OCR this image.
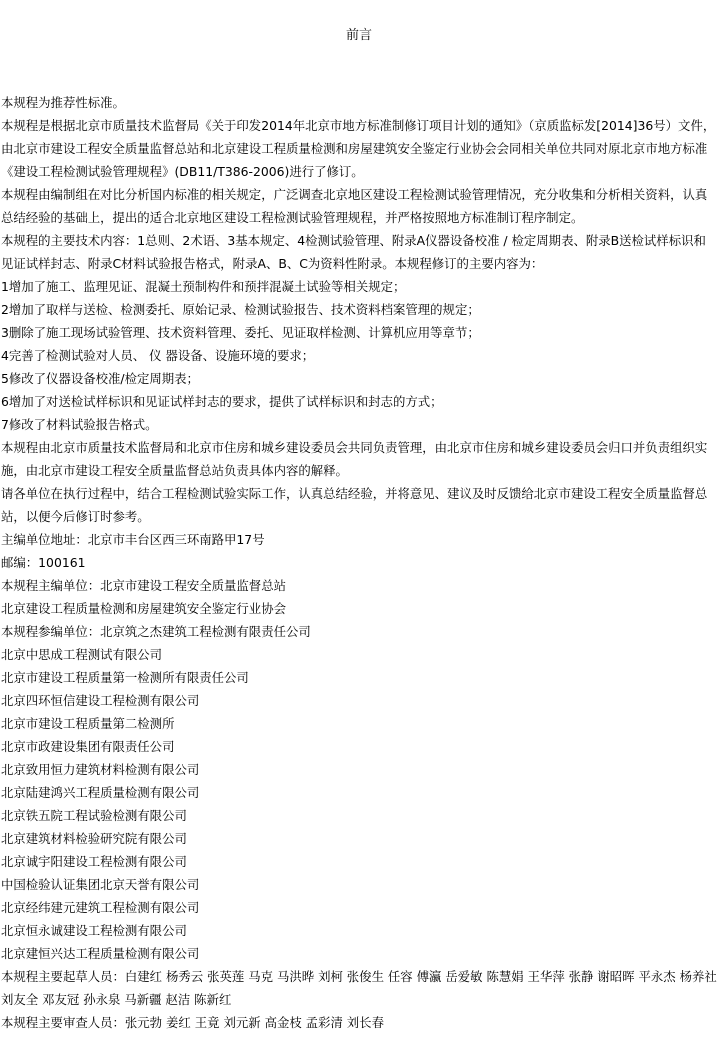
前言

本规程为推荐性标准。

本规程是根据北京市质量技术监督局《关于印发2014年北京市地方标准制修订项目计划的通知》（京质监标发[2014]36号）文件，由北京市建设工程安全质量监督总站和北京建设工程质量检测和房屋建筑安全鉴定行业协会会同相关单位共同对原北京市地方标准《建设工程检测试验管理规程》(DB11/T386-2006)进行了修订。

本规程由编制组在对比分析国内标准的相关规定，广泛调查北京地区建设工程检测试验管理情况，充分收集和分析相关资料，认真总结经验的基础上，提出的适合北京地区建设工程检测试验管理规程，并严格按照地方标准制订程序制定。

本规程的主要技术内容：1总则、2术语、3基本规定、4检测试验管理、附录A仪器设备校准 / 检定周期表、附录B送检试样标识和见证试样封志、附录C材料试验报告格式，附录A、B、C为资料性附录。本规程修订的主要内容为：

1增加了施工、监理见证、混凝土预制构件和预拌混凝土试验等相关规定；

2增加了取样与送检、检测委托、原始记录、检测试验报告、技术资料档案管理的规定；

3删除了施工现场试验管理、技术资料管理、委托、见证取样检测、计算机应用等章节；

4完善了检测试验对人员、 仪 器设备、设施环境的要求；

5修改了仪器设备校准/检定周期表；

6增加了对送检试样标识和见证试样封志的要求，提供了试样标识和封志的方式；

7修改了材料试验报告格式。

本规程由北京市质量技术监督局和北京市住房和城乡建设委员会共同负责管理，由北京市住房和城乡建设委员会归口并负责组织实施，由北京市建设工程安全质量监督总站负责具体内容的解释。

请各单位在执行过程中，结合工程检测试验实际工作，认真总结经验，并将意见、建议及时反馈给北京市建设工程安全质量监督总站，以便今后修订时参考。

主编单位地址：北京市丰台区西三环南路甲17号

邮编：100161

本规程主编单位：北京市建设工程安全质量监督总站

北京建设工程质量检测和房屋建筑安全鉴定行业协会

本规程参编单位：北京筑之杰建筑工程检测有限责任公司

北京中思成工程测试有限公司

北京市建设工程质量第一检测所有限责任公司

北京四环恒信建设工程检测有限公司

北京市建设工程质量第二检测所

北京市政建设集团有限责任公司

北京致用恒力建筑材料检测有限公司

北京陆建鸿兴工程质量检测有限公司

北京铁五院工程试验检测有限公司

北京建筑材料检验研究院有限公司

北京诚宇阳建设工程检测有限公司

中国检验认证集团北京天誉有限公司

北京经纬建元建筑工程检测有限公司

北京恒永诚建设工程检测有限公司

北京建恒兴达工程质量检测有限公司

本规程主要起草人员：白建红 杨秀云 张英莲 马克 马洪晔 刘柯 张俊生 任容 傅瀛 岳爱敏 陈慧娟 王华萍 张静 谢昭晖 平永杰 杨养社 刘友全 邓友冠 孙永泉 马新疆 赵洁 陈新红

本规程主要审查人员：张元勃 姜红 王竟 刘元新 高金枝 孟彩清 刘长春
